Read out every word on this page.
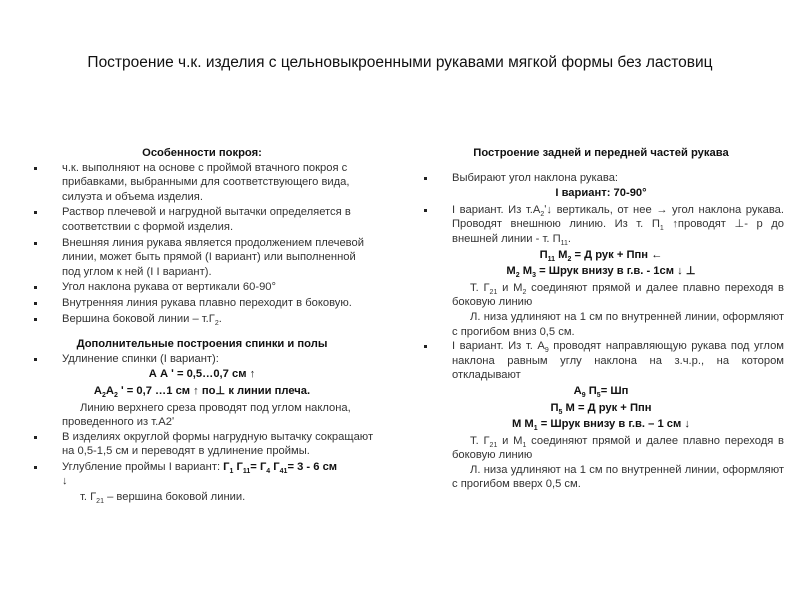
Построение ч.к. изделия с цельновыкроенными рукавами мягкой формы без ластовиц

Особенности покроя:

ч.к. выполняют на основе с проймой втачного покроя с прибавками, выбранными для соответствующего вида, силуэта и объема изделия.
Раствор плечевой и нагрудной вытачки определяется в соответствии с формой изделия.
Внешняя линия рукава является продолжением плечевой линии, может быть прямой (I вариант) или выполненной под углом к ней (I I вариант).
Угол наклона рукава от вертикали 60-90°
Внутренняя линия рукава плавно переходит в боковую.
Вершина боковой линии – $т.Г_2$.

Дополнительные построения спинки и полы

Удлинение спинки (I вариант):
А А ʹ = 0,5…0,7 см ↑
$А_2А_2$ ʹ = 0,7 …1 см ↑ по⊥ к линии плеча.
Линию верхнего среза проводят под углом наклона, проведенного из т.А2ʹ
В изделиях округлой формы нагрудную вытачку сокращают на 0,5-1,5 см и переводят в удлинение проймы.
Углубление проймы I вариант: $Г_1$ $Г_{11}= Г_4$ $Г_{41}= 3 - 6$ см
↓
т. $Г_{21}$ – вершина боковой линии.

Построение задней и передней частей рукава

Выбирают угол наклона рукава:
I вариант: 70-90°
I вариант. Из $т.А_2ʹ↓$ вертикаль, от нее → угол наклона рукава. Проводят внешнюю линию. Из т. $П_1$ ↑проводят ⊥- р до внешней линии - т. $П_{11}$.
$П_{11}$ $М_2 = Д$ рук + Ппн ←
$М_2$ $М_3$ = Шрук внизу в г.в. - 1см ↓ ⊥
Т. $Г_{21}$ и $М_2$ соединяют прямой и далее плавно переходя в боковую линию
Л. низа удлиняют на 1 см по внутренней линии, оформляют с прогибом вниз 0,5 см.
I вариант. Из т. $А_9$ проводят направляющую рукава под углом наклона равным углу наклона на з.ч.р., на котором откладывают
$А_9$ $П_5=$ Шп
$П_5$ М = Д рук + Ппн
М $М_1$ = Шрук внизу в г.в. – 1 см ↓
Т. $Г_{21}$ и $М_1$ соединяют прямой и далее плавно переходя в боковую линию
Л. низа удлиняют на 1 см по внутренней линии, оформляют с прогибом вверх 0,5 см.
